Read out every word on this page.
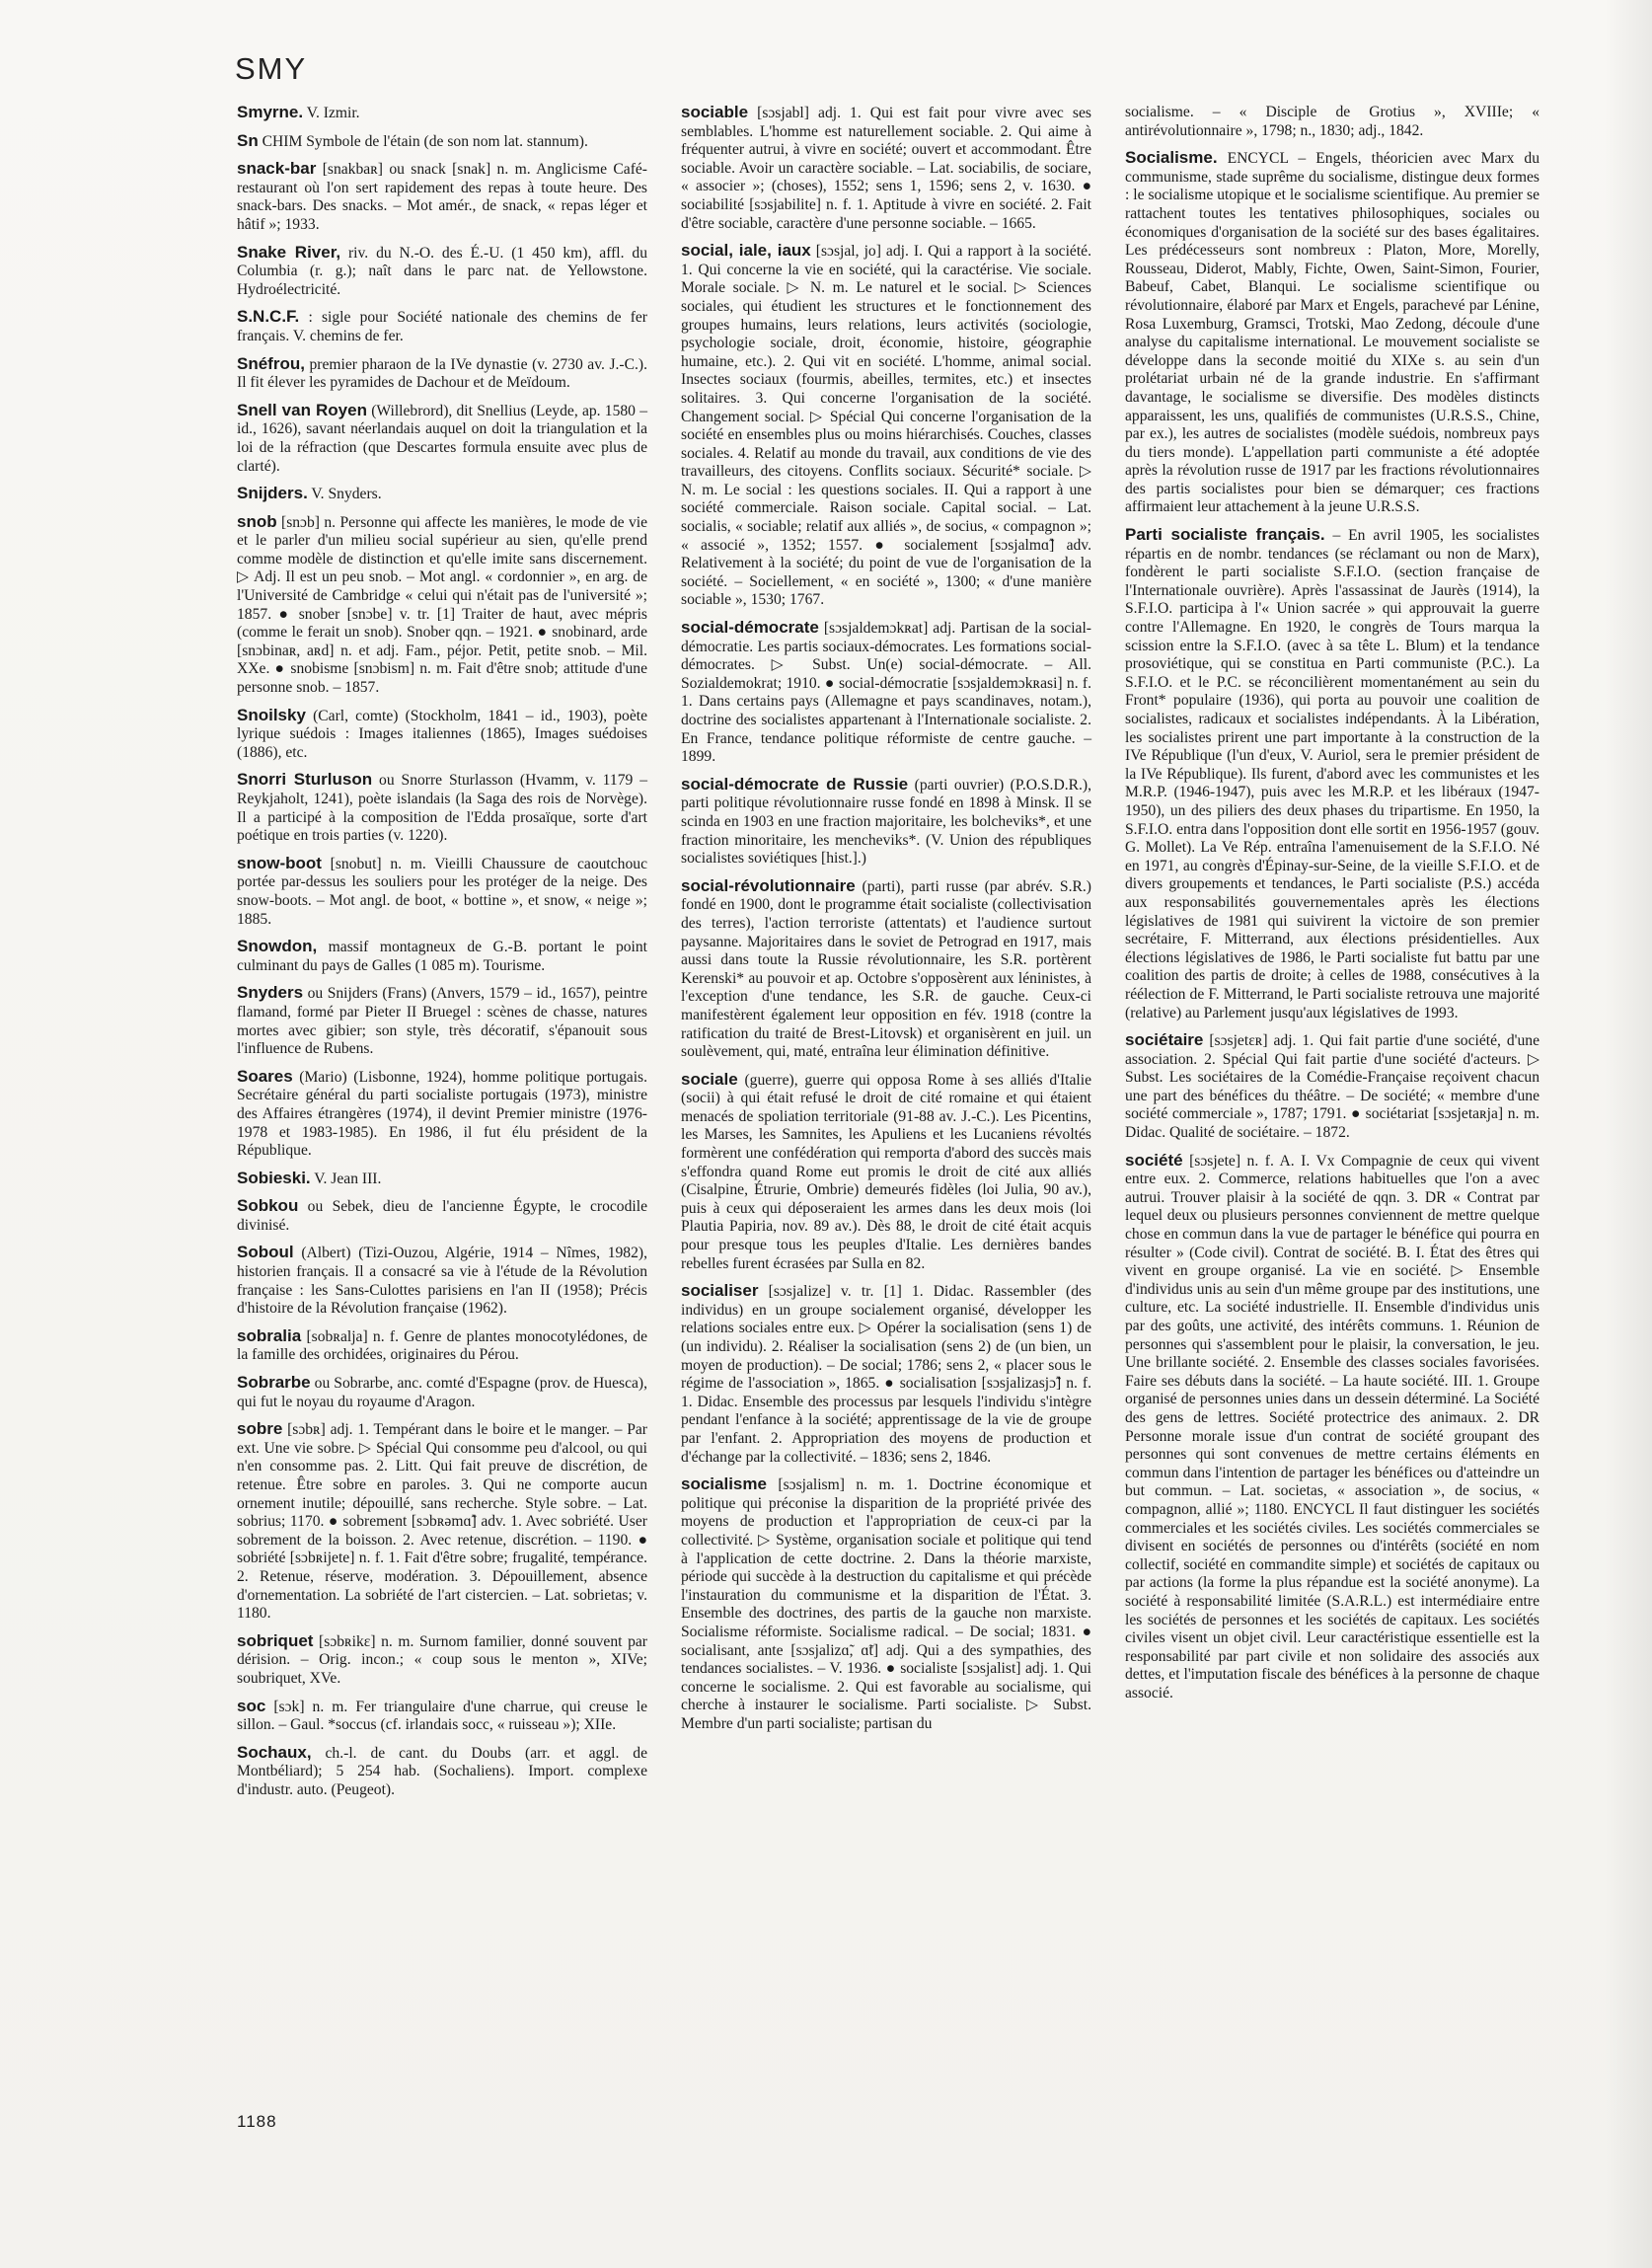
SMY

Smyrne. V. Izmir.

Sn CHIM Symbole de l'étain (de son nom lat. stannum).

snack-bar [snakbaʀ] ou snack [snak] n. m. Anglicisme Café-restaurant où l'on sert rapidement des repas à toute heure. Des snack-bars. Des snacks. – Mot amér., de snack, « repas léger et hâtif »; 1933.

Snake River, riv. du N.-O. des É.-U. (1 450 km), affl. du Columbia (r. g.); naît dans le parc nat. de Yellowstone. Hydroélectricité.

S.N.C.F. : sigle pour Société nationale des chemins de fer français. V. chemins de fer.

Snéfrou, premier pharaon de la IVe dynastie (v. 2730 av. J.-C.). Il fit élever les pyramides de Dachour et de Meïdoum.

Snell van Royen (Willebrord), dit Snellius (Leyde, ap. 1580 – id., 1626), savant néerlandais auquel on doit la triangulation et la loi de la réfraction (que Descartes formula ensuite avec plus de clarté).

Snijders. V. Snyders.

snob [snɔb] n. Personne qui affecte les manières, le mode de vie et le parler d'un milieu social supérieur au sien, qu'elle prend comme modèle de distinction et qu'elle imite sans discernement. ▷ Adj. Il est un peu snob. – Mot angl. « cordonnier », en arg. de l'Université de Cambridge « celui qui n'était pas de l'université »; 1857. ● snober [snɔbe] v. tr. [1] Traiter de haut, avec mépris (comme le ferait un snob). Snober qqn. – 1921. ● snobinard, arde [snɔbinaʀ, aʀd] n. et adj. Fam., péjor. Petit, petite snob. – Mil. XXe. ● snobisme [snɔbism] n. m. Fait d'être snob; attitude d'une personne snob. – 1857.

Snoilsky (Carl, comte) (Stockholm, 1841 – id., 1903), poète lyrique suédois : Images italiennes (1865), Images suédoises (1886), etc.

Snorri Sturluson ou Snorre Sturlasson (Hvamm, v. 1179 – Reykjaholt, 1241), poète islandais (la Saga des rois de Norvège). Il a participé à la composition de l'Edda prosaïque, sorte d'art poétique en trois parties (v. 1220).

snow-boot [snobut] n. m. Vieilli Chaussure de caoutchouc portée par-dessus les souliers pour les protéger de la neige. Des snow-boots. – Mot angl. de boot, « bottine », et snow, « neige »; 1885.

Snowdon, massif montagneux de G.-B. portant le point culminant du pays de Galles (1 085 m). Tourisme.

Snyders ou Snijders (Frans) (Anvers, 1579 – id., 1657), peintre flamand, formé par Pieter II Bruegel : scènes de chasse, natures mortes avec gibier; son style, très décoratif, s'épanouit sous l'influence de Rubens.

Soares (Mario) (Lisbonne, 1924), homme politique portugais. Secrétaire général du parti socialiste portugais (1973), ministre des Affaires étrangères (1974), il devint Premier ministre (1976-1978 et 1983-1985). En 1986, il fut élu président de la République.

Sobieski. V. Jean III.

Sobkou ou Sebek, dieu de l'ancienne Égypte, le crocodile divinisé.

Soboul (Albert) (Tizi-Ouzou, Algérie, 1914 – Nîmes, 1982), historien français. Il a consacré sa vie à l'étude de la Révolution française : les Sans-Culottes parisiens en l'an II (1958); Précis d'histoire de la Révolution française (1962).

sobralia [sobʀalja] n. f. Genre de plantes monocotylédones, de la famille des orchidées, originaires du Pérou.

Sobrarbe ou Sobrarbe, anc. comté d'Espagne (prov. de Huesca), qui fut le noyau du royaume d'Aragon.

sobre [sɔbʀ] adj. 1. Tempérant dans le boire et le manger. – Par ext. Une vie sobre. ▷ Spécial Qui consomme peu d'alcool, ou qui n'en consomme pas. 2. Litt. Qui fait preuve de discrétion, de retenue. Être sobre en paroles. 3. Qui ne comporte aucun ornement inutile; dépouillé, sans recherche. Style sobre. – Lat. sobrius; 1170. ● sobrement [sɔbʀəmɑ̃] adv. 1. Avec sobriété. User sobrement de la boisson. 2. Avec retenue, discrétion. – 1190. ● sobriété [sɔbʀijete] n. f. 1. Fait d'être sobre; frugalité, tempérance. 2. Retenue, réserve, modération. 3. Dépouillement, absence d'ornementation. La sobriété de l'art cistercien. – Lat. sobrietas; v. 1180.

sobriquet [sɔbʀikɛ] n. m. Surnom familier, donné souvent par dérision. – Orig. incon.; « coup sous le menton », XIVe; soubriquet, XVe.

soc [sɔk] n. m. Fer triangulaire d'une charrue, qui creuse le sillon. – Gaul. *soccus (cf. irlandais socc, « ruisseau »); XIIe.

Sochaux, ch.-l. de cant. du Doubs (arr. et aggl. de Montbéliard); 5 254 hab. (Sochaliens). Import. complexe d'industr. auto. (Peugeot).

sociable [sɔsjabl] adj. 1. Qui est fait pour vivre avec ses semblables. L'homme est naturellement sociable. 2. Qui aime à fréquenter autrui, à vivre en société; ouvert et accommodant. Être sociable. Avoir un caractère sociable. – Lat. sociabilis, de sociare, « associer »; (choses), 1552; sens 1, 1596; sens 2, v. 1630. ● sociabilité [sɔsjabilite] n. f. 1. Aptitude à vivre en société. 2. Fait d'être sociable, caractère d'une personne sociable. – 1665.

social, iale, iaux [sɔsjal, jo] adj. I. Qui a rapport à la société. 1. Qui concerne la vie en société, qui la caractérise. Vie sociale. Morale sociale. ▷ N. m. Le naturel et le social. ▷ Sciences sociales, qui étudient les structures et le fonctionnement des groupes humains, leurs relations, leurs activités (sociologie, psychologie sociale, droit, économie, histoire, géographie humaine, etc.). 2. Qui vit en société. L'homme, animal social. Insectes sociaux (fourmis, abeilles, termites, etc.) et insectes solitaires. 3. Qui concerne l'organisation de la société. Changement social. ▷ Spécial Qui concerne l'organisation de la société en ensembles plus ou moins hiérarchisés. Couches, classes sociales. 4. Relatif au monde du travail, aux conditions de vie des travailleurs, des citoyens. Conflits sociaux. Sécurité* sociale. ▷ N. m. Le social : les questions sociales. II. Qui a rapport à une société commerciale. Raison sociale. Capital social. – Lat. socialis, « sociable; relatif aux alliés », de socius, « compagnon »; « associé », 1352; 1557. ● socialement [sɔsjalmɑ̃] adv. Relativement à la société; du point de vue de l'organisation de la société. – Sociellement, « en société », 1300; « d'une manière sociable », 1530; 1767.

social-démocrate [sɔsjaldemɔkʀat] adj. Partisan de la social-démocratie. Les partis sociaux-démocrates. Les formations social-démocrates. ▷ Subst. Un(e) social-démocrate. – All. Sozialdemokrat; 1910. ● social-démocratie [sɔsjaldemɔkʀasi] n. f. 1. Dans certains pays (Allemagne et pays scandinaves, notam.), doctrine des socialistes appartenant à l'Internationale socialiste. 2. En France, tendance politique réformiste de centre gauche. – 1899.

social-démocrate de Russie (parti ouvrier) (P.O.S.D.R.), parti politique révolutionnaire russe fondé en 1898 à Minsk. Il se scinda en 1903 en une fraction majoritaire, les bolcheviks*, et une fraction minoritaire, les mencheviks*. (V. Union des républiques socialistes soviétiques [hist.].)

social-révolutionnaire (parti), parti russe (par abrév. S.R.) fondé en 1900, dont le programme était socialiste (collectivisation des terres), l'action terroriste (attentats) et l'audience surtout paysanne. Majoritaires dans le soviet de Petrograd en 1917, mais aussi dans toute la Russie révolutionnaire, les S.R. portèrent Kerenski* au pouvoir et ap. Octobre s'opposèrent aux léninistes, à l'exception d'une tendance, les S.R. de gauche. Ceux-ci manifestèrent également leur opposition en fév. 1918 (contre la ratification du traité de Brest-Litovsk) et organisèrent en juil. un soulèvement, qui, maté, entraîna leur élimination définitive.

sociale (guerre), guerre qui opposa Rome à ses alliés d'Italie (socii) à qui était refusé le droit de cité romaine et qui étaient menacés de spoliation territoriale (91-88 av. J.-C.). Les Picentins, les Marses, les Samnites, les Apuliens et les Lucaniens révoltés formèrent une confédération qui remporta d'abord des succès mais s'effondra quand Rome eut promis le droit de cité aux alliés (Cisalpine, Étrurie, Ombrie) demeurés fidèles (loi Julia, 90 av.), puis à ceux qui déposeraient les armes dans les deux mois (loi Plautia Papiria, nov. 89 av.). Dès 88, le droit de cité était acquis pour presque tous les peuples d'Italie. Les dernières bandes rebelles furent écrasées par Sulla en 82.

socialiser [sɔsjalize] v. tr. [1] 1. Didac. Rassembler (des individus) en un groupe socialement organisé, développer les relations sociales entre eux. ▷ Opérer la socialisation (sens 1) de (un individu). 2. Réaliser la socialisation (sens 2) de (un bien, un moyen de production). – De social; 1786; sens 2, « placer sous le régime de l'association », 1865. ● socialisation [sɔsjalizasjɔ̃] n. f. 1. Didac. Ensemble des processus par lesquels l'individu s'intègre pendant l'enfance à la société; apprentissage de la vie de groupe par l'enfant. 2. Appropriation des moyens de production et d'échange par la collectivité. – 1836; sens 2, 1846.

socialisme [sɔsjalism] n. m. 1. Doctrine économique et politique qui préconise la disparition de la propriété privée des moyens de production et l'appropriation de ceux-ci par la collectivité. ▷ Système, organisation sociale et politique qui tend à l'application de cette doctrine. 2. Dans la théorie marxiste, période qui succède à la destruction du capitalisme et qui précède l'instauration du communisme et la disparition de l'État. 3. Ensemble des doctrines, des partis de la gauche non marxiste. Socialisme réformiste. Socialisme radical. – De social; 1831. ● socialisant, ante [sɔsjalizɑ̃, ɑ̃t] adj. Qui a des sympathies, des tendances socialistes. – V. 1936. ● socialiste [sɔsjalist] adj. 1. Qui concerne le socialisme. 2. Qui est favorable au socialisme, qui cherche à instaurer le socialisme. Parti socialiste. ▷ Subst. Membre d'un parti socialiste; partisan du

socialisme. – « Disciple de Grotius », XVIIIe; « antirévolutionnaire », 1798; n., 1830; adj., 1842.

Socialisme. ENCYCL – Engels, théoricien avec Marx du communisme, stade suprême du socialisme, distingue deux formes : le socialisme utopique et le socialisme scientifique. Au premier se rattachent toutes les tentatives philosophiques, sociales ou économiques d'organisation de la société sur des bases égalitaires. Les prédécesseurs sont nombreux : Platon, More, Morelly, Rousseau, Diderot, Mably, Fichte, Owen, Saint-Simon, Fourier, Babeuf, Cabet, Blanqui. Le socialisme scientifique ou révolutionnaire, élaboré par Marx et Engels, parachevé par Lénine, Rosa Luxemburg, Gramsci, Trotski, Mao Zedong, découle d'une analyse du capitalisme international. Le mouvement socialiste se développe dans la seconde moitié du XIXe s. au sein d'un prolétariat urbain né de la grande industrie. En s'affirmant davantage, le socialisme se diversifie. Des modèles distincts apparaissent, les uns, qualifiés de communistes (U.R.S.S., Chine, par ex.), les autres de socialistes (modèle suédois, nombreux pays du tiers monde). L'appellation parti communiste a été adoptée après la révolution russe de 1917 par les fractions révolutionnaires des partis socialistes pour bien se démarquer; ces fractions affirmaient leur attachement à la jeune U.R.S.S.

Parti socialiste français. – En avril 1905, les socialistes répartis en de nombr. tendances (se réclamant ou non de Marx), fondèrent le parti socialiste S.F.I.O. (section française de l'Internationale ouvrière). Après l'assassinat de Jaurès (1914), la S.F.I.O. participa à l'« Union sacrée » qui approuvait la guerre contre l'Allemagne. En 1920, le congrès de Tours marqua la scission entre la S.F.I.O. (avec à sa tête L. Blum) et la tendance prosoviétique, qui se constitua en Parti communiste (P.C.). La S.F.I.O. et le P.C. se réconcilièrent momentanément au sein du Front* populaire (1936), qui porta au pouvoir une coalition de socialistes, radicaux et socialistes indépendants. À la Libération, les socialistes prirent une part importante à la construction de la IVe République (l'un d'eux, V. Auriol, sera le premier président de la IVe République). Ils furent, d'abord avec les communistes et les M.R.P. (1946-1947), puis avec les M.R.P. et les libéraux (1947-1950), un des piliers des deux phases du tripartisme. En 1950, la S.F.I.O. entra dans l'opposition dont elle sortit en 1956-1957 (gouv. G. Mollet). La Ve Rép. entraîna l'amenuisement de la S.F.I.O. Né en 1971, au congrès d'Épinay-sur-Seine, de la vieille S.F.I.O. et de divers groupements et tendances, le Parti socialiste (P.S.) accéda aux responsabilités gouvernementales après les élections législatives de 1981 qui suivirent la victoire de son premier secrétaire, F. Mitterrand, aux élections présidentielles. Aux élections législatives de 1986, le Parti socialiste fut battu par une coalition des partis de droite; à celles de 1988, consécutives à la réélection de F. Mitterrand, le Parti socialiste retrouva une majorité (relative) au Parlement jusqu'aux législatives de 1993.

sociétaire [sɔsjetɛʀ] adj. 1. Qui fait partie d'une société, d'une association. 2. Spécial Qui fait partie d'une société d'acteurs. ▷ Subst. Les sociétaires de la Comédie-Française reçoivent chacun une part des bénéfices du théâtre. – De société; « membre d'une société commerciale », 1787; 1791. ● sociétariat [sɔsjetaʀja] n. m. Didac. Qualité de sociétaire. – 1872.

société [sɔsjete] n. f. A. I. Vx Compagnie de ceux qui vivent entre eux. 2. Commerce, relations habituelles que l'on a avec autrui. Trouver plaisir à la société de qqn. 3. DR « Contrat par lequel deux ou plusieurs personnes conviennent de mettre quelque chose en commun dans la vue de partager le bénéfice qui pourra en résulter » (Code civil). Contrat de société. B. I. État des êtres qui vivent en groupe organisé. La vie en société. ▷ Ensemble d'individus unis au sein d'un même groupe par des institutions, une culture, etc. La société industrielle. II. Ensemble d'individus unis par des goûts, une activité, des intérêts communs. 1. Réunion de personnes qui s'assemblent pour le plaisir, la conversation, le jeu. Une brillante société. 2. Ensemble des classes sociales favorisées. Faire ses débuts dans la société. – La haute société. III. 1. Groupe organisé de personnes unies dans un dessein déterminé. La Société des gens de lettres. Société protectrice des animaux. 2. DR Personne morale issue d'un contrat de société groupant des personnes qui sont convenues de mettre certains éléments en commun dans l'intention de partager les bénéfices ou d'atteindre un but commun. – Lat. societas, « association », de socius, « compagnon, allié »; 1180. ENCYCL Il faut distinguer les sociétés commerciales et les sociétés civiles. Les sociétés commerciales se divisent en sociétés de personnes ou d'intérêts (société en nom collectif, société en commandite simple) et sociétés de capitaux ou par actions (la forme la plus répandue est la société anonyme). La société à responsabilité limitée (S.A.R.L.) est intermédiaire entre les sociétés de personnes et les sociétés de capitaux. Les sociétés civiles visent un objet civil. Leur caractéristique essentielle est la responsabilité par part civile et non solidaire des associés aux dettes, et l'imputation fiscale des bénéfices à la personne de chaque associé.

1188
